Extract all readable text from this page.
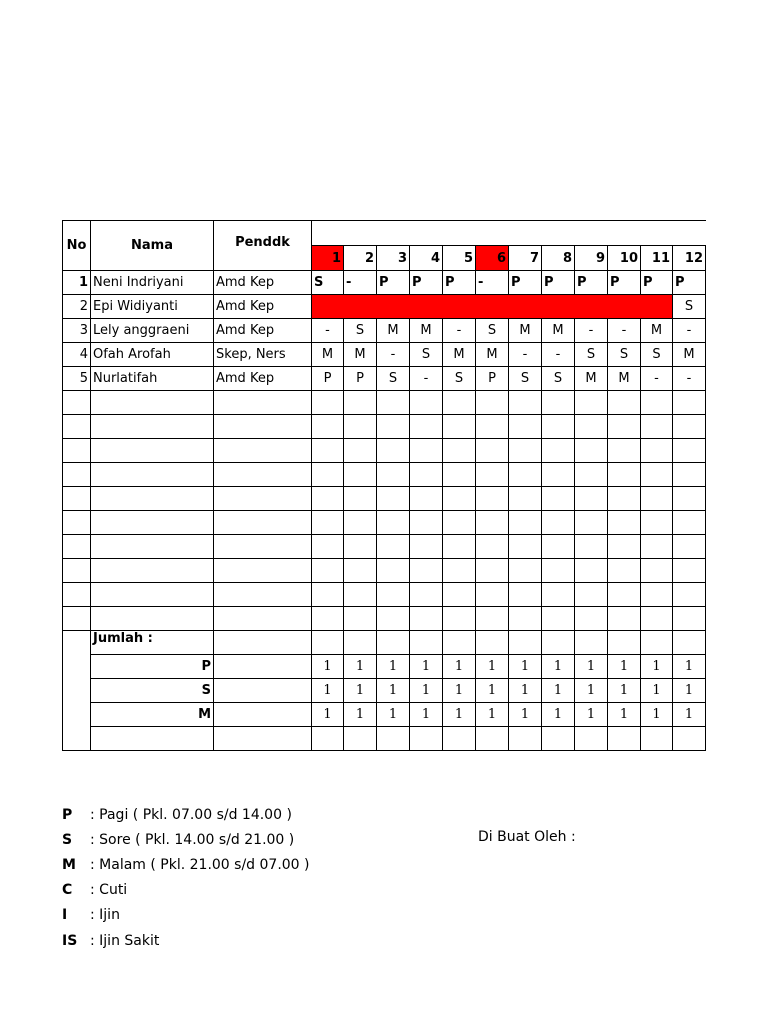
No	Nama	Penddk												
			1	2	3	4	5	6	7	8	9	10	11	12
1	Neni Indriyani	Amd Kep	S	-	P	P	P	-	P	P	P	P	P	P
2	Epi Widiyanti	Amd Kep												S
3	Lely anggraeni	Amd Kep	-	S	M	M	-	S	M	M	-	-	M	-
4	Ofah Arofah	Skep, Ners	M	M	-	S	M	M	-	-	S	S	S	M
5	Nurlatifah	Amd Kep	P	P	S	-	S	P	S	S	M	M	-	-

	Jumlah :													
	P		1	1	1	1	1	1	1	1	1	1	1	1
	S		1	1	1	1	1	1	1	1	1	1	1	1
	M		1	1	1	1	1	1	1	1	1	1	1	1

P	: Pagi ( Pkl. 07.00 s/d 14.00 )
S	: Sore ( Pkl. 14.00 s/d 21.00 )
M	: Malam ( Pkl. 21.00 s/d 07.00 )
C	: Cuti
I	: Ijin
IS : Ijin Sakit
Di Buat Oleh :
